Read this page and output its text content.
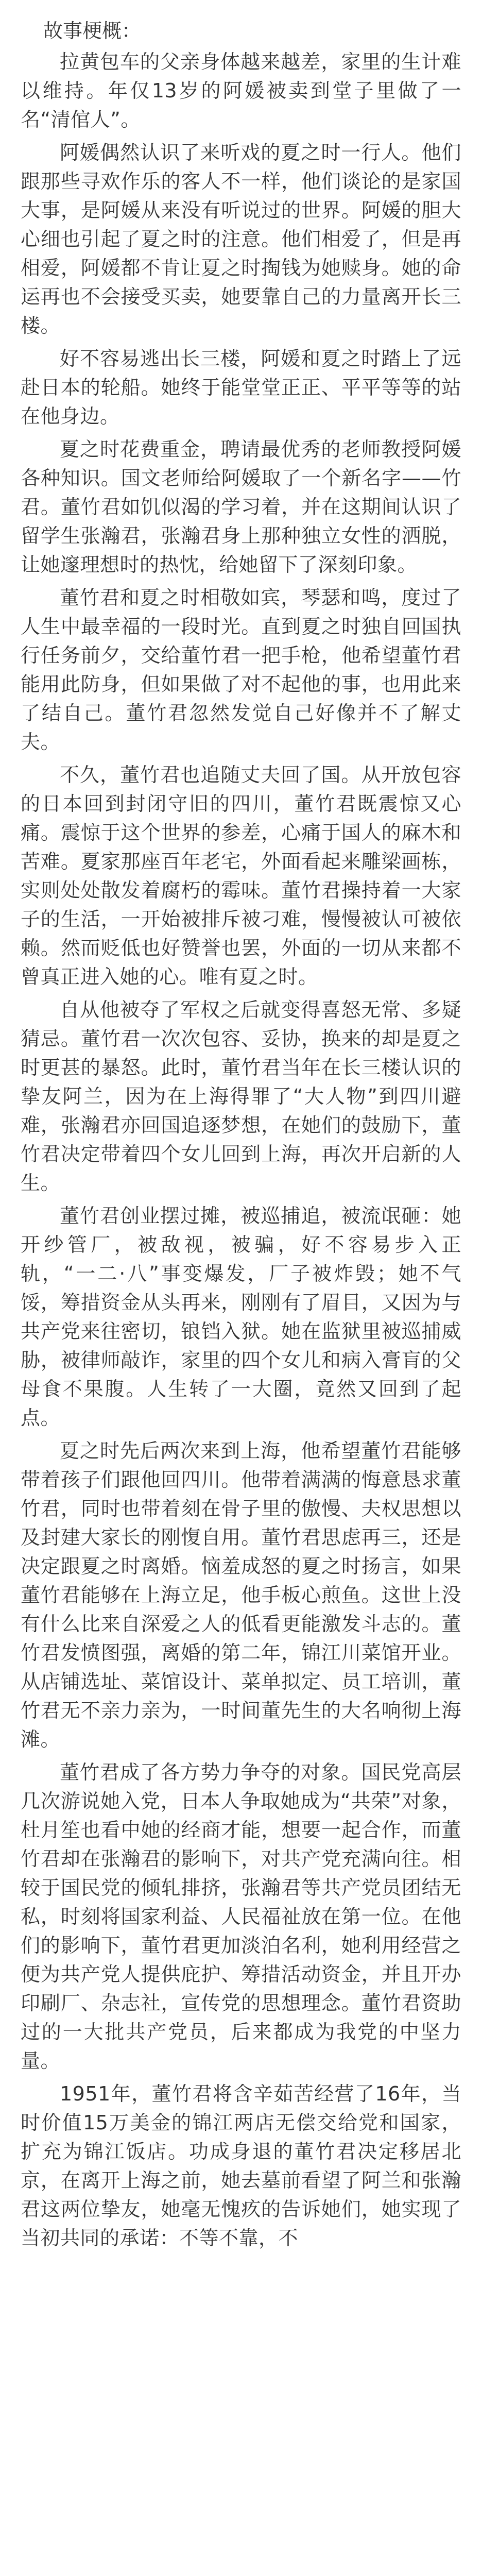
故事梗概：

拉黄包车的父亲身体越来越差，家里的生计难以维持。年仅13岁的阿媛被卖到堂子里做了一名“清倌人”。

阿媛偶然认识了来听戏的夏之时一行人。他们跟那些寻欢作乐的客人不一样，他们谈论的是家国大事，是阿媛从来没有听说过的世界。阿媛的胆大心细也引起了夏之时的注意。他们相爱了，但是再相爱，阿媛都不肯让夏之时掏钱为她赎身。她的命运再也不会接受买卖，她要靠自己的力量离开长三楼。

好不容易逃出长三楼，阿媛和夏之时踏上了远赴日本的轮船。她终于能堂堂正正、平平等等的站在他身边。

夏之时花费重金，聘请最优秀的老师教授阿媛各种知识。国文老师给阿媛取了一个新名字——竹君。董竹君如饥似渴的学习着，并在这期间认识了留学生张瀚君，张瀚君身上那种独立女性的洒脱，让她邃理想时的热忱，给她留下了深刻印象。

董竹君和夏之时相敬如宾，琴瑟和鸣，度过了人生中最幸福的一段时光。直到夏之时独自回国执行任务前夕，交给董竹君一把手枪，他希望董竹君能用此防身，但如果做了对不起他的事，也用此来了结自己。董竹君忽然发觉自己好像并不了解丈夫。

不久，董竹君也追随丈夫回了国。从开放包容的日本回到封闭守旧的四川，董竹君既震惊又心痛。震惊于这个世界的参差，心痛于国人的麻木和苦难。夏家那座百年老宅，外面看起来雕梁画栋，实则处处散发着腐朽的霉味。董竹君操持着一大家子的生活，一开始被排斥被刁难，慢慢被认可被依赖。然而贬低也好赞誉也罢，外面的一切从来都不曾真正进入她的心。唯有夏之时。

自从他被夺了军权之后就变得喜怒无常、多疑猜忌。董竹君一次次包容、妥协，换来的却是夏之时更甚的暴怒。此时，董竹君当年在长三楼认识的挚友阿兰，因为在上海得罪了“大人物”到四川避难，张瀚君亦回国追逐梦想，在她们的鼓励下，董竹君决定带着四个女儿回到上海，再次开启新的人生。

董竹君创业摆过摊，被巡捕追，被流氓砸：她开纱管厂，被敌视，被骗，好不容易步入正轨，“一二·八”事变爆发，厂子被炸毁；她不气馁，筹措资金从头再来，刚刚有了眉目，又因为与共产党来往密切，锒铛入狱。她在监狱里被巡捕威胁，被律师敲诈，家里的四个女儿和病入膏肓的父母食不果腹。人生转了一大圈，竟然又回到了起点。

夏之时先后两次来到上海，他希望董竹君能够带着孩子们跟他回四川。他带着满满的悔意恳求董竹君，同时也带着刻在骨子里的傲慢、夫权思想以及封建大家长的刚愎自用。董竹君思虑再三，还是决定跟夏之时离婚。恼羞成怒的夏之时扬言，如果董竹君能够在上海立足，他手板心煎鱼。这世上没有什么比来自深爱之人的低看更能激发斗志的。董竹君发愤图强，离婚的第二年，锦江川菜馆开业。从店铺选址、菜馆设计、菜单拟定、员工培训，董竹君无不亲力亲为，一时间董先生的大名响彻上海滩。

董竹君成了各方势力争夺的对象。国民党高层几次游说她入党，日本人争取她成为“共荣”对象，杜月笙也看中她的经商才能，想要一起合作，而董竹君却在张瀚君的影响下，对共产党充满向往。相较于国民党的倾轧排挤，张瀚君等共产党员团结无私，时刻将国家利益、人民福祉放在第一位。在他们的影响下，董竹君更加淡泊名利，她利用经营之便为共产党人提供庇护、筹措活动资金，并且开办印刷厂、杂志社，宣传党的思想理念。董竹君资助过的一大批共产党员，后来都成为我党的中坚力量。

1951年，董竹君将含辛茹苦经营了16年，当时价值15万美金的锦江两店无偿交给党和国家，扩充为锦江饭店。功成身退的董竹君决定移居北京，在离开上海之前，她去墓前看望了阿兰和张瀚君这两位挚友，她毫无愧疚的告诉她们，她实现了当初共同的承诺：不等不靠，不
